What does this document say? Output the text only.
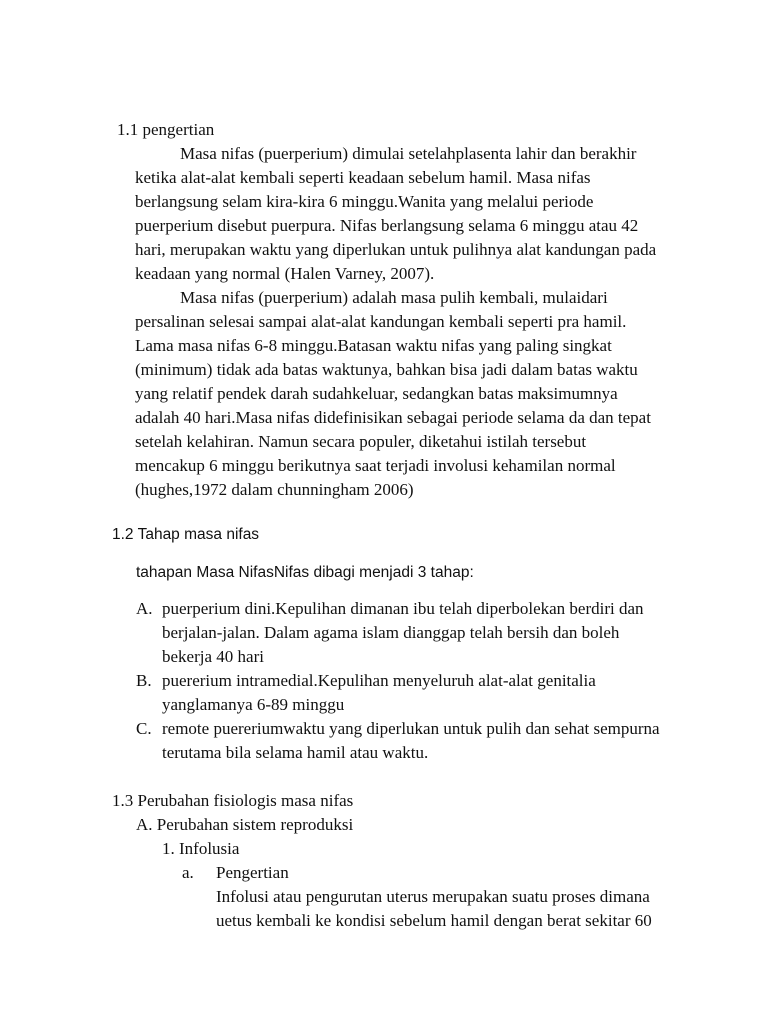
1.1 pengertian
Masa nifas (puerperium) dimulai setelahplasenta lahir dan berakhir
ketika alat-alat kembali seperti keadaan sebelum hamil. Masa nifas
berlangsung selam kira-kira 6 minggu.Wanita yang melalui periode
puerperium disebut puerpura. Nifas berlangsung selama 6 minggu atau 42
hari, merupakan waktu yang diperlukan untuk pulihnya alat kandungan pada
keadaan yang normal (Halen Varney, 2007).
Masa nifas (puerperium) adalah masa pulih kembali, mulaidari
persalinan selesai sampai alat-alat kandungan kembali seperti pra hamil.
Lama masa nifas 6-8 minggu.Batasan waktu nifas yang paling singkat
(minimum) tidak ada batas waktunya, bahkan bisa jadi dalam batas waktu
yang relatif pendek darah sudahkeluar, sedangkan batas maksimumnya
adalah 40 hari.Masa nifas didefinisikan sebagai periode selama da dan tepat
setelah kelahiran. Namun secara populer, diketahui istilah tersebut
mencakup 6 minggu berikutnya saat terjadi involusi kehamilan normal
(hughes,1972 dalam chunningham 2006)
1.2 Tahap masa nifas
tahapan Masa NifasNifas dibagi menjadi 3 tahap:
A. puerperium dini.Kepulihan dimanan ibu telah diperbolekan berdiri dan
berjalan-jalan. Dalam agama islam dianggap telah bersih dan boleh
bekerja 40 hari
B. puererium intramedial.Kepulihan menyeluruh alat-alat genitalia
yanglamanya 6-89 minggu
C. remote puereriumwaktu yang diperlukan untuk pulih dan sehat sempurna
terutama bila selama hamil atau waktu.
1.3 Perubahan fisiologis masa nifas
A. Perubahan sistem reproduksi
1. Infolusia
a. Pengertian
Infolusi atau pengurutan uterus merupakan suatu proses dimana
uetus kembali ke kondisi sebelum hamil dengan berat sekitar 60
